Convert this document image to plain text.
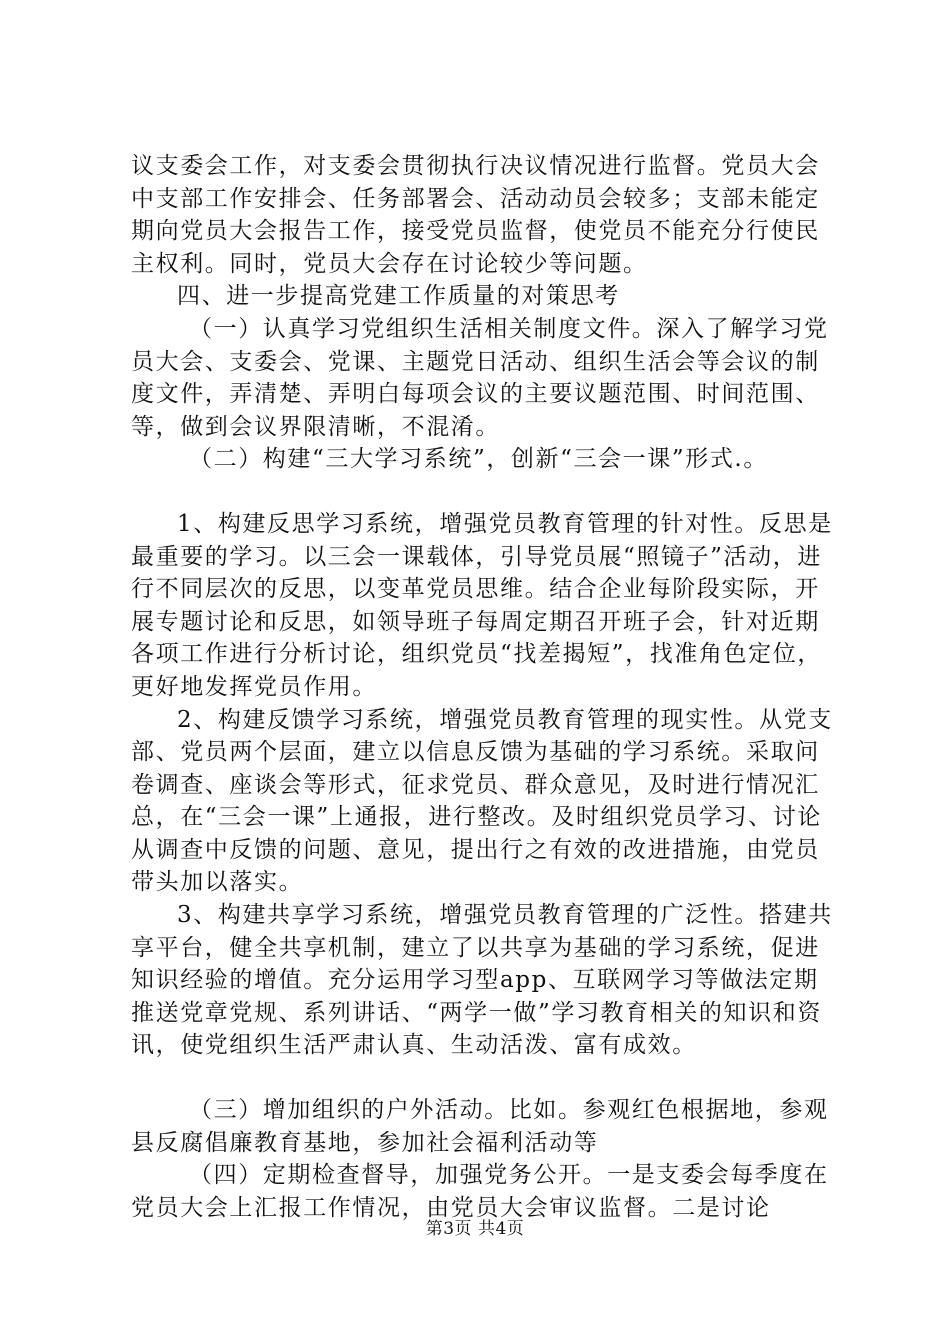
议支委会工作，对支委会贯彻执行决议情况进行监督。党员大会中支部工作安排会、任务部署会、活动动员会较多；支部未能定期向党员大会报告工作，接受党员监督，使党员不能充分行使民主权利。同时，党员大会存在讨论较少等问题。

四、进一步提高党建工作质量的对策思考

（一）认真学习党组织生活相关制度文件。深入了解学习党员大会、支委会、党课、主题党日活动、组织生活会等会议的制度文件，弄清楚、弄明白每项会议的主要议题范围、时间范围、等，做到会议界限清晰，不混淆。

（二）构建“三大学习系统”，创新“三会一课”形式.。

1、构建反思学习系统，增强党员教育管理的针对性。反思是最重要的学习。以三会一课载体，引导党员展“照镜子”活动，进行不同层次的反思，以变革党员思维。结合企业每阶段实际，开展专题讨论和反思，如领导班子每周定期召开班子会，针对近期各项工作进行分析讨论，组织党员“找差揭短”，找准角色定位，更好地发挥党员作用。

2、构建反馈学习系统，增强党员教育管理的现实性。从党支部、党员两个层面，建立以信息反馈为基础的学习系统。采取问卷调查、座谈会等形式，征求党员、群众意见，及时进行情况汇总，在“三会一课”上通报，进行整改。及时组织党员学习、讨论从调查中反馈的问题、意见，提出行之有效的改进措施，由党员带头加以落实。

3、构建共享学习系统，增强党员教育管理的广泛性。搭建共享平台，健全共享机制，建立了以共享为基础的学习系统，促进知识经验的增值。充分运用学习型app、互联网学习等做法定期推送党章党规、系列讲话、“两学一做”学习教育相关的知识和资讯，使党组织生活严肃认真、生动活泼、富有成效。

（三）增加组织的户外活动。比如。参观红色根据地，参观县反腐倡廉教育基地，参加社会福利活动等

（四）定期检查督导，加强党务公开。一是支委会每季度在党员大会上汇报工作情况，由党员大会审议监督。二是讨论

第3页 共4页
